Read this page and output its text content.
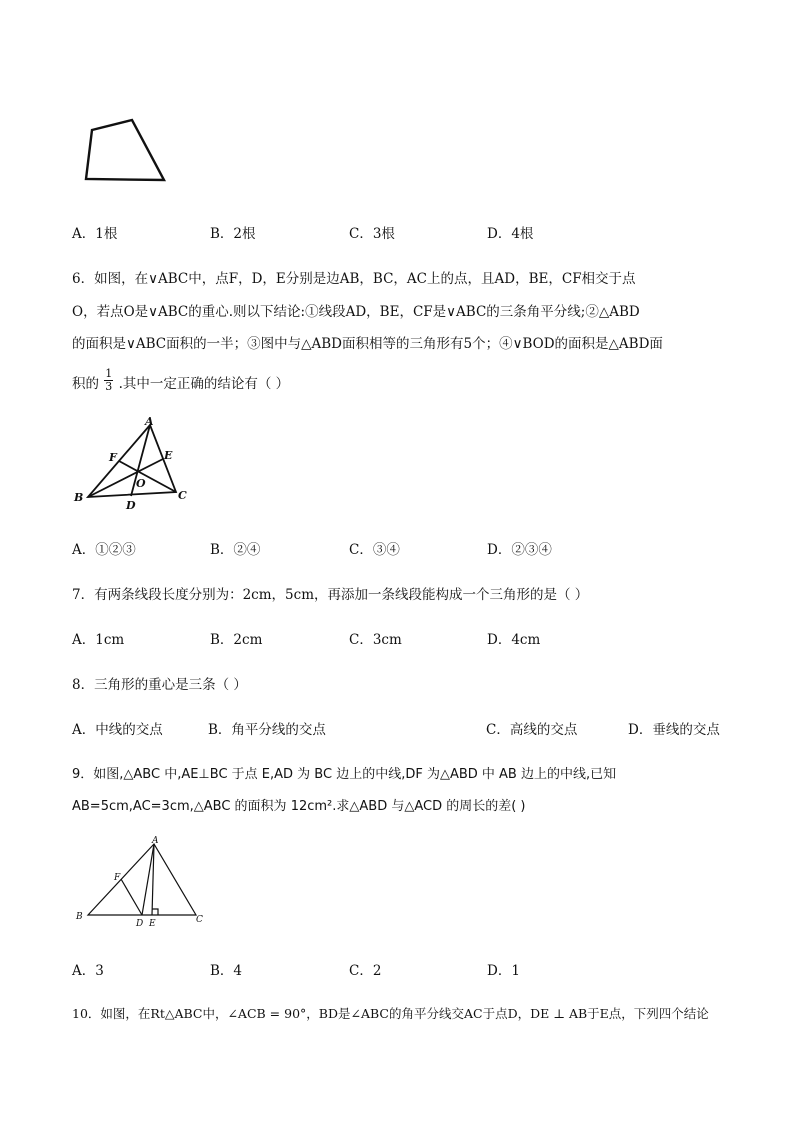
A．1根	B．2根	C．3根	D．4根
6．如图，在∨ABC中，点F，D，E分别是边AB，BC，AC上的点，且AD，BE，CF相交于点
O，若点O是∨ABC的重心.则以下结论:①线段AD，BE，CF是∨ABC的三条角平分线;②△ABD
的面积是∨ABC面积的一半；③图中与△ABD面积相等的三角形有5个；④∨BOD的面积是△ABD面
积的 $\frac{1}{3}$ .其中一定正确的结论有（ ）
A
B	C
D
E
F
O
A．①②③	B．②④	C．③④	D．②③④
7．有两条线段长度分别为：2cm，5cm，再添加一条线段能构成一个三角形的是（ ）
A．1cm	B．2cm	C．3cm	D．4cm
8．三角形的重心是三条（ ）
A．中线的交点	B．角平分线的交点	C．高线的交点	D．垂线的交点
9．如图,△ABC 中,AE⊥BC 于点 E,AD 为 BC 边上的中线,DF 为△ABD 中 AB 边上的中线,已知
AB=5cm,AC=3cm,△ABC 的面积为 12cm².求△ABD 与△ACD 的周长的差( )
A
B	C
D E
F
A．3	B．4	C．2	D．1
10．如图，在Rt△ABC中，∠ACB = 90°，BD是∠ABC的角平分线交AC于点D，DE ⊥ AB于E点，下列四个结论
